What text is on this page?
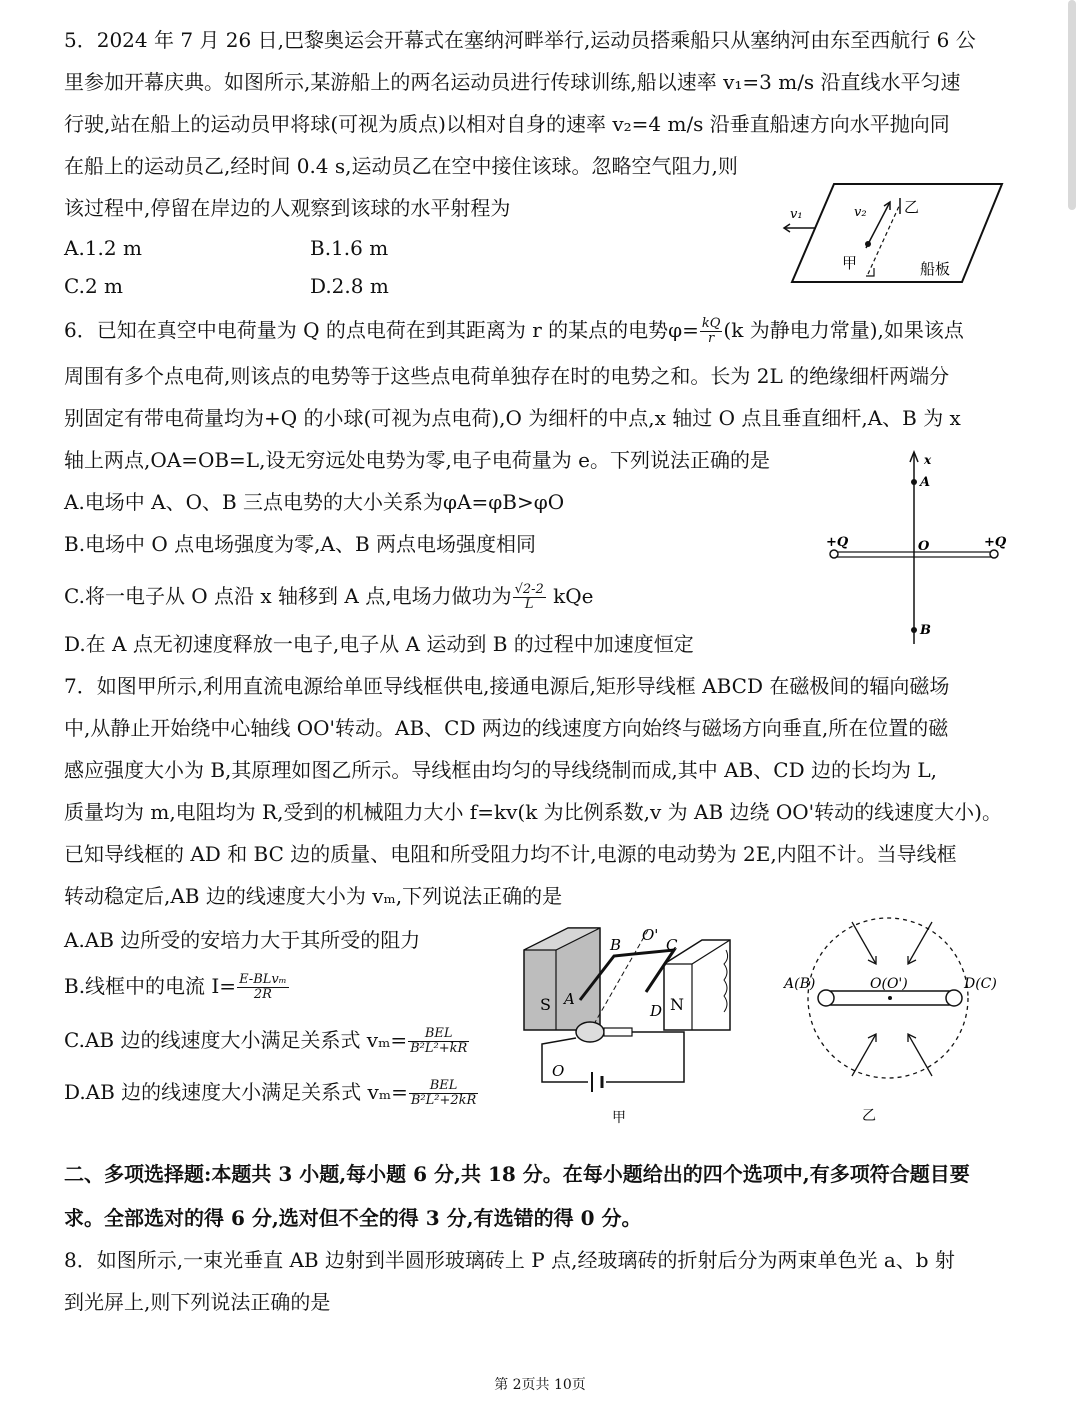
5．2024 年 7 月 26 日,巴黎奥运会开幕式在塞纳河畔举行,运动员搭乘船只从塞纳河由东至西航行 6 公
里参加开幕庆典。如图所示,某游船上的两名运动员进行传球训练,船以速率 v₁=3 m/s 沿直线水平匀速
行驶,站在船上的运动员甲将球(可视为质点)以相对自身的速率 v₂=4 m/s 沿垂直船速方向水平抛向同
在船上的运动员乙,经时间 0.4 s,运动员乙在空中接住该球。忽略空气阻力,则
该过程中,停留在岸边的人观察到该球的水平射程为
A.1.2 m	B.1.6 m
C.2 m	D.2.8 m
v₁	v₂ 乙
甲	船板
6．已知在真空中电荷量为 Q 的点电荷在到其距离为 r 的某点的电势$\varphi= \frac{kQ}{r} (k$ 为静电力常量),如果该点
周围有多个点电荷,则该点的电势等于这些点电荷单独存在时的电势之和。长为 2L 的绝缘细杆两端分
别固定有带电荷量均为+Q 的小球(可视为点电荷),O 为细杆的中点,x 轴过 O 点且垂直细杆,A、B 为 x
轴上两点,OA=OB=L,设无穷远处电势为零,电子电荷量为 e。下列说法正确的是
A.电场中 A、O、B 三点电势的大小关系为φA=φB>φO
B.电场中 O 点电场强度为零,A、B 两点电场强度相同
C.将一电子从 O 点沿 x 轴移到 A 点,电场力做功为 $\frac{√2-2}{L}$ kQe
D.在 A 点无初速度释放一电子,电子从 A 运动到 B 的过程中加速度恒定
x
A
+Q	+Q
O
B
7．如图甲所示,利用直流电源给单匝导线框供电,接通电源后,矩形导线框 ABCD 在磁极间的辐向磁场
中,从静止开始绕中心轴线 OO'转动。AB、CD 两边的线速度方向始终与磁场方向垂直,所在位置的磁
感应强度大小为 B,其原理如图乙所示。导线框由均匀的导线绕制而成,其中 AB、CD 边的长均为 L,
质量均为 m,电阻均为 R,受到的机械阻力大小 f=kv(k 为比例系数,v 为 AB 边绕 OO'转动的线速度大小)。
已知导线框的 AD 和 BC 边的质量、电阻和所受阻力均不计,电源的电动势为 2E,内阻不计。当导线框
转动稳定后,AB 边的线速度大小为 vₘ,下列说法正确的是
A.AB 边所受的安培力大于其所受的阻力
B.线框中的电流 $I= \frac{\text{E-BLvₘ}}{2R}$
C.AB 边的线速度大小满足关系式 $v_m= \frac{\text{BEL}}{\text{B²L²+kR}}$
D.AB 边的线速度大小满足关系式 $v_m= \frac{\text{BEL}}{\text{B²L²+2kR}}$
S	N
B
O'
C
A
D
O
甲
A(B)	O(O')	D(C)
乙
二、多项选择题:本题共 3 小题,每小题 6 分,共 18 分。在每小题给出的四个选项中,有多项符合题目要
求。全部选对的得 6 分,选对但不全的得 3 分,有选错的得 0 分。
8．如图所示,一束光垂直 AB 边射到半圆形玻璃砖上 P 点,经玻璃砖的折射后分为两束单色光 a、b 射
到光屏上,则下列说法正确的是
第 2页共 10页
